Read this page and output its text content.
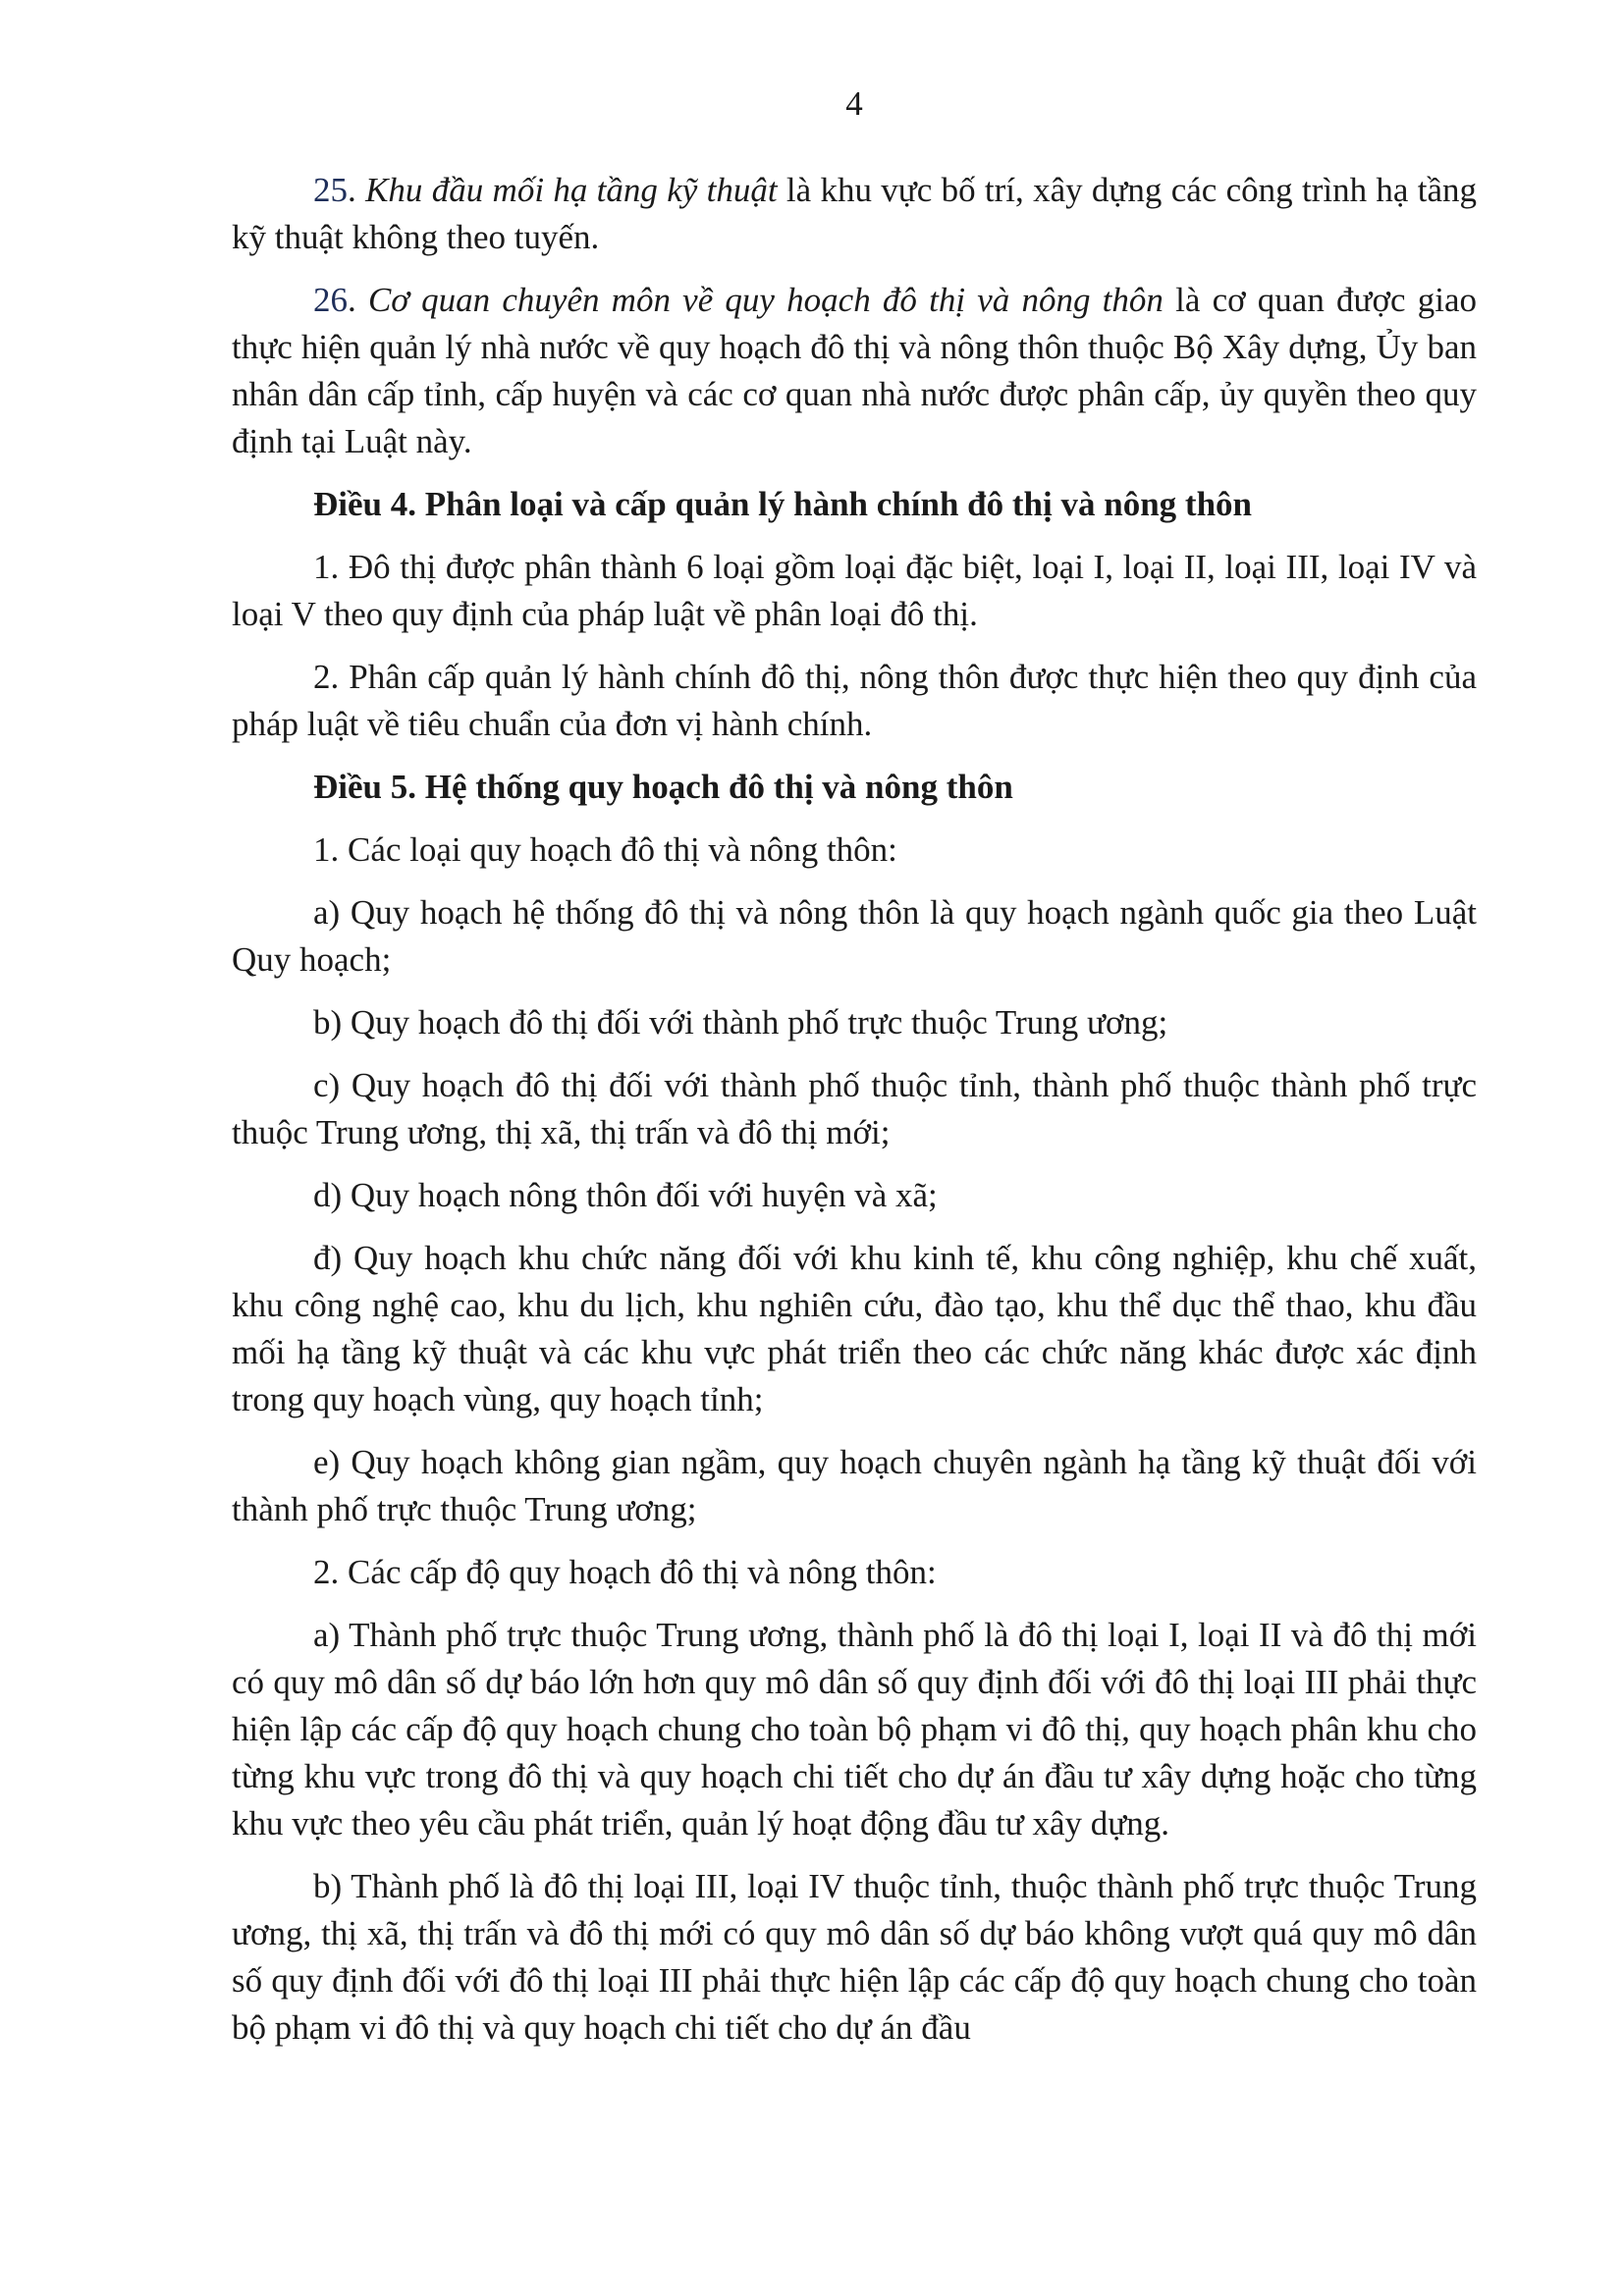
4

25. Khu đầu mối hạ tầng kỹ thuật là khu vực bố trí, xây dựng các công trình hạ tầng kỹ thuật không theo tuyến.

26. Cơ quan chuyên môn về quy hoạch đô thị và nông thôn là cơ quan được giao thực hiện quản lý nhà nước về quy hoạch đô thị và nông thôn thuộc Bộ Xây dựng, Ủy ban nhân dân cấp tỉnh, cấp huyện và các cơ quan nhà nước được phân cấp, ủy quyền theo quy định tại Luật này.

Điều 4. Phân loại và cấp quản lý hành chính đô thị và nông thôn

1. Đô thị được phân thành 6 loại gồm loại đặc biệt, loại I, loại II, loại III, loại IV và loại V theo quy định của pháp luật về phân loại đô thị.

2. Phân cấp quản lý hành chính đô thị, nông thôn được thực hiện theo quy định của pháp luật về tiêu chuẩn của đơn vị hành chính.

Điều 5. Hệ thống quy hoạch đô thị và nông thôn

1. Các loại quy hoạch đô thị và nông thôn:

a) Quy hoạch hệ thống đô thị và nông thôn là quy hoạch ngành quốc gia theo Luật Quy hoạch;

b) Quy hoạch đô thị đối với thành phố trực thuộc Trung ương;

c) Quy hoạch đô thị đối với thành phố thuộc tỉnh, thành phố thuộc thành phố trực thuộc Trung ương, thị xã, thị trấn và đô thị mới;

d) Quy hoạch nông thôn đối với huyện và xã;

đ) Quy hoạch khu chức năng đối với khu kinh tế, khu công nghiệp, khu chế xuất, khu công nghệ cao, khu du lịch, khu nghiên cứu, đào tạo, khu thể dục thể thao, khu đầu mối hạ tầng kỹ thuật và các khu vực phát triển theo các chức năng khác được xác định trong quy hoạch vùng, quy hoạch tỉnh;

e) Quy hoạch không gian ngầm, quy hoạch chuyên ngành hạ tầng kỹ thuật đối với thành phố trực thuộc Trung ương;

2. Các cấp độ quy hoạch đô thị và nông thôn:

a) Thành phố trực thuộc Trung ương, thành phố là đô thị loại I, loại II và đô thị mới có quy mô dân số dự báo lớn hơn quy mô dân số quy định đối với đô thị loại III phải thực hiện lập các cấp độ quy hoạch chung cho toàn bộ phạm vi đô thị, quy hoạch phân khu cho từng khu vực trong đô thị và quy hoạch chi tiết cho dự án đầu tư xây dựng hoặc cho từng khu vực theo yêu cầu phát triển, quản lý hoạt động đầu tư xây dựng.

b) Thành phố là đô thị loại III, loại IV thuộc tỉnh, thuộc thành phố trực thuộc Trung ương, thị xã, thị trấn và đô thị mới có quy mô dân số dự báo không vượt quá quy mô dân số quy định đối với đô thị loại III phải thực hiện lập các cấp độ quy hoạch chung cho toàn bộ phạm vi đô thị và quy hoạch chi tiết cho dự án đầu
